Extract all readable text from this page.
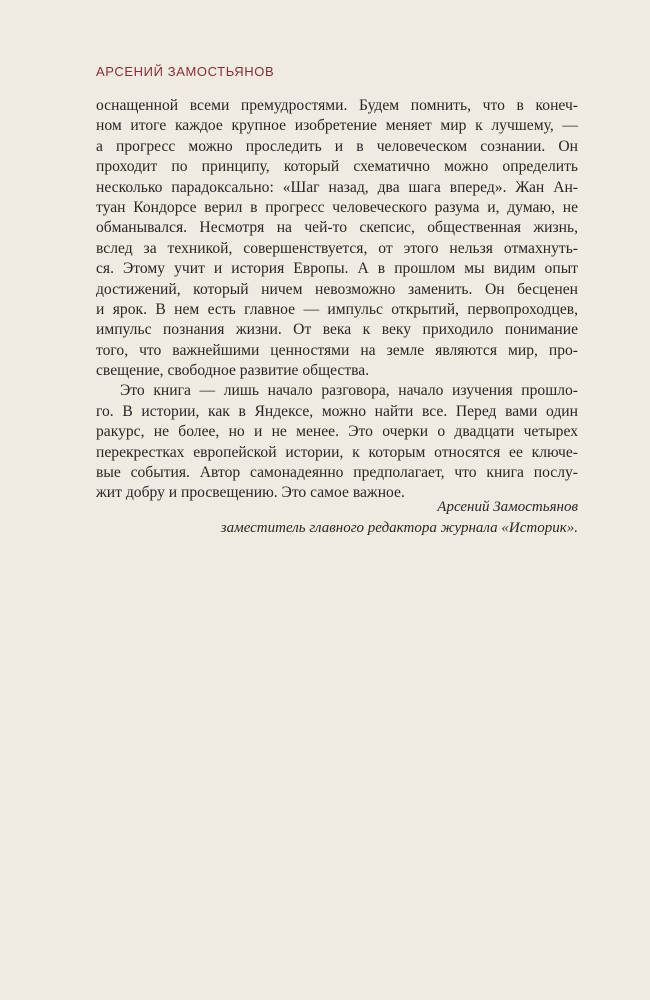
АРСЕНИЙ ЗАМОСТЬЯНОВ
оснащенной всеми премудростями. Будем помнить, что в конеч-
ном итоге каждое крупное изобретение меняет мир к лучшему, —
а прогресс можно проследить и в человеческом сознании. Он
проходит по принципу, который схематично можно определить
несколько парадоксально: «Шаг назад, два шага вперед». Жан Ан-
туан Кондорсе верил в прогресс человеческого разума и, думаю, не
обманывался. Несмотря на чей-то скепсис, общественная жизнь,
вслед за техникой, совершенствуется, от этого нельзя отмахнуть-
ся. Этому учит и история Европы. А в прошлом мы видим опыт
достижений, который ничем невозможно заменить. Он бесценен
и ярок. В нем есть главное — импульс открытий, первопроходцев,
импульс познания жизни. От века к веку приходило понимание
того, что важнейшими ценностями на земле являются мир, про-
свещение, свободное развитие общества.
Это книга — лишь начало разговора, начало изучения прошло-
го. В истории, как в Яндексе, можно найти все. Перед вами один
ракурс, не более, но и не менее. Это очерки о двадцати четырех
перекрестках европейской истории, к которым относятся ее ключе-
вые события. Автор самонадеянно предполагает, что книга послу-
жит добру и просвещению. Это самое важное.
Арсений Замостьянов
заместитель главного редактора журнала «Историк».
